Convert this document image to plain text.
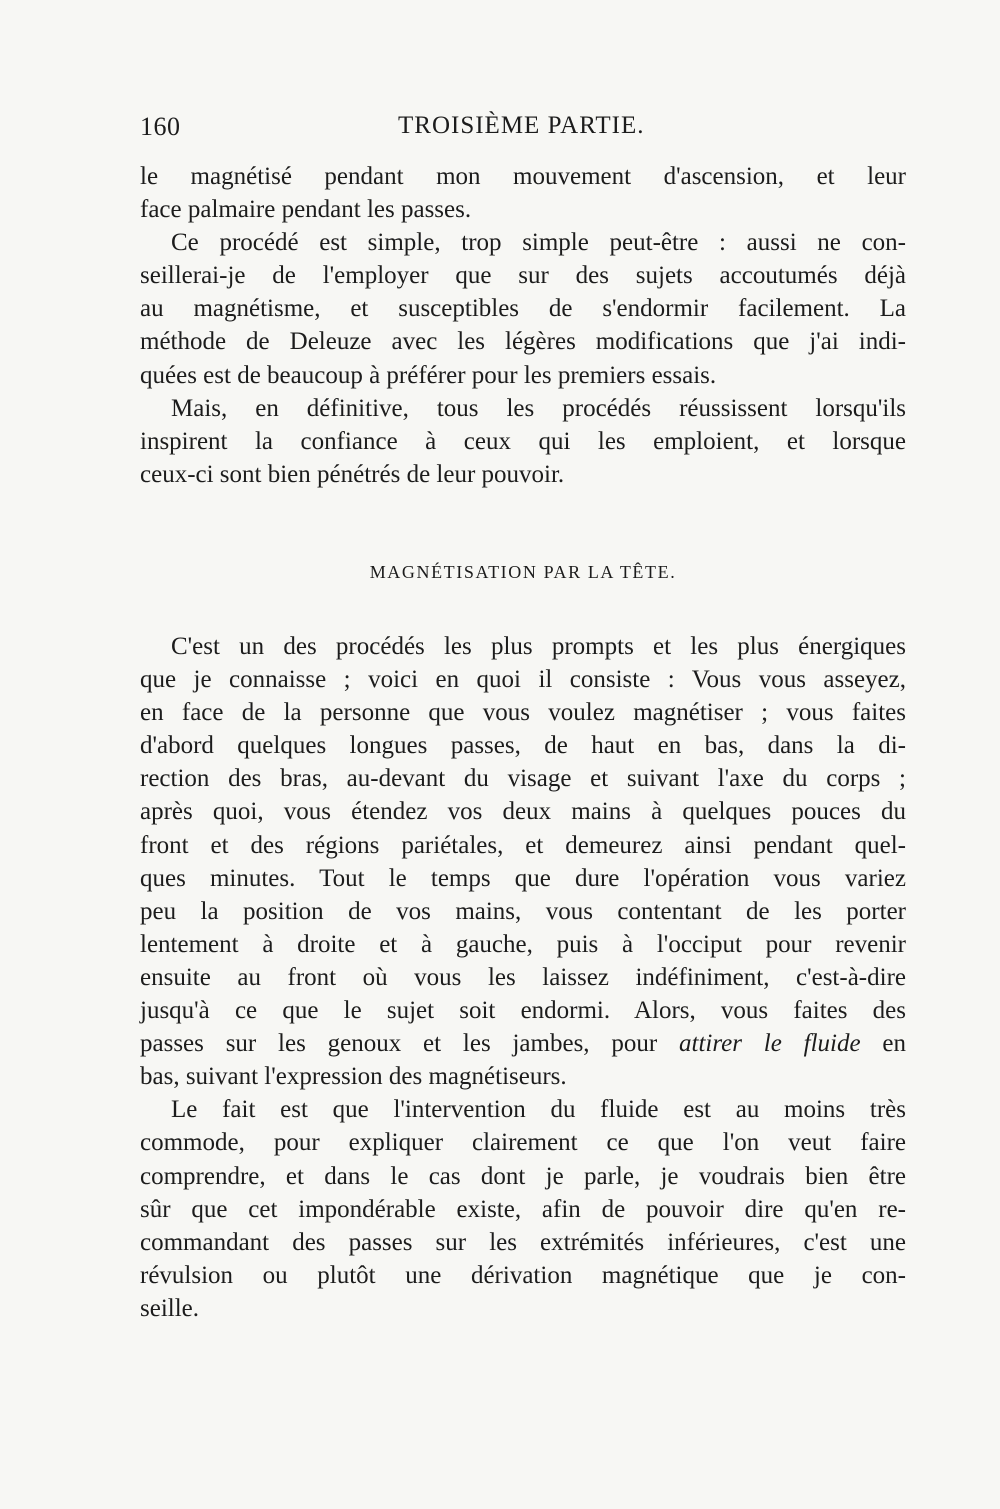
160	TROISIÈME PARTIE.
le magnétisé pendant mon mouvement d'ascension, et leur
face palmaire pendant les passes.
Ce procédé est simple, trop simple peut-être : aussi ne con-
seillerai-je de l'employer que sur des sujets accoutumés déjà
au magnétisme, et susceptibles de s'endormir facilement. La
méthode de Deleuze avec les légères modifications que j'ai indi-
quées est de beaucoup à préférer pour les premiers essais.
Mais, en définitive, tous les procédés réussissent lorsqu'ils
inspirent la confiance à ceux qui les emploient, et lorsque
ceux-ci sont bien pénétrés de leur pouvoir.
MAGNÉTISATION PAR LA TÊTE.
C'est un des procédés les plus prompts et les plus énergiques
que je connaisse ; voici en quoi il consiste : Vous vous asseyez,
en face de la personne que vous voulez magnétiser ; vous faites
d'abord quelques longues passes, de haut en bas, dans la di-
rection des bras, au-devant du visage et suivant l'axe du corps ;
après quoi, vous étendez vos deux mains à quelques pouces du
front et des régions pariétales, et demeurez ainsi pendant quel-
ques minutes. Tout le temps que dure l'opération vous variez
peu la position de vos mains, vous contentant de les porter
lentement à droite et à gauche, puis à l'occiput pour revenir
ensuite au front où vous les laissez indéfiniment, c'est-à-dire
jusqu'à ce que le sujet soit endormi. Alors, vous faites des
passes sur les genoux et les jambes, pour attirer le fluide en
bas, suivant l'expression des magnétiseurs.
Le fait est que l'intervention du fluide est au moins très
commode, pour expliquer clairement ce que l'on veut faire
comprendre, et dans le cas dont je parle, je voudrais bien être
sûr que cet impondérable existe, afin de pouvoir dire qu'en re-
commandant des passes sur les extrémités inférieures, c'est une
révulsion ou plutôt une dérivation magnétique que je con-
seille.
